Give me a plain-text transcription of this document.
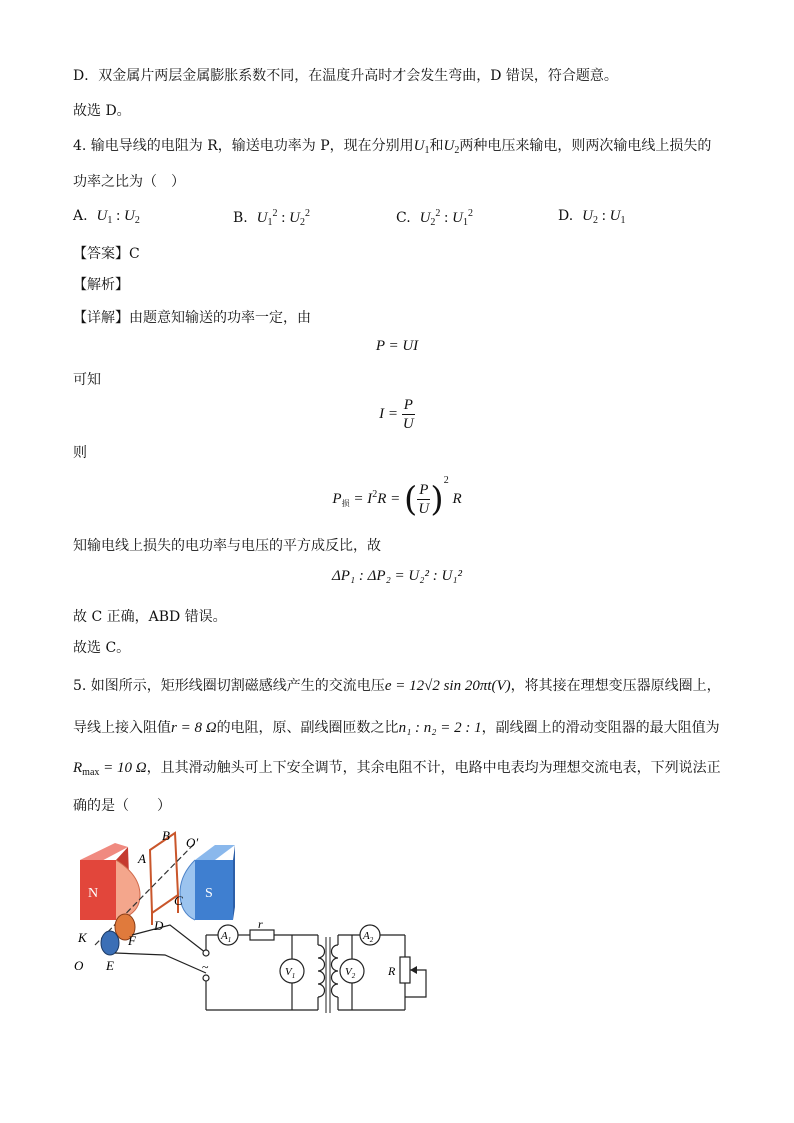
D．双金属片两层金属膨胀系数不同，在温度升高时才会发生弯曲，D 错误，符合题意。
故选 D。
4. 输电导线的电阻为 R，输送电功率为 P，现在分别用$U_1$和$U_2$两种电压来输电，则两次输电线上损失的
功率之比为（　）
A. $U_1$ : $U_2$	B. $U_1^2$ : $U_2^2$	C. $U_2^2$ : $U_1^2$	D. $U_2$ : $U_1$
【答案】C
【解析】
【详解】由题意知输送的功率一定，由
P = UI
可知
$I = \frac{P}{U}$
则
$P_损 = I^2R$ = ( $\frac{P}{U} )^2$ R
知输电线上损失的电功率与电压的平方成反比，故
ΔP₁ : ΔP₂ = U₂² : U₁²
故 C 正确，ABD 错误。
故选 C。
5. 如图所示，矩形线圈切割磁感线产生的交流电压e = 12√2 sin 20πt(V)，将其接在理想变压器原线圈上，
导线上接入阻值r = 8 Ω的电阻，原、副线圈匝数之比n₁ : n₂ = 2 : 1，副线圈上的滑动变阻器的最大阻值为
$R_{max} = 10$ Ω，且其滑动触头可上下安全调节，其余电阻不计，电路中电表均为理想交流电表，下列说法正
确的是（　　）
N	S
B
A
O′
C
D
F
K
O E	~
$A_1$
r
$V_1$
$A_2$
$V_2$	R
